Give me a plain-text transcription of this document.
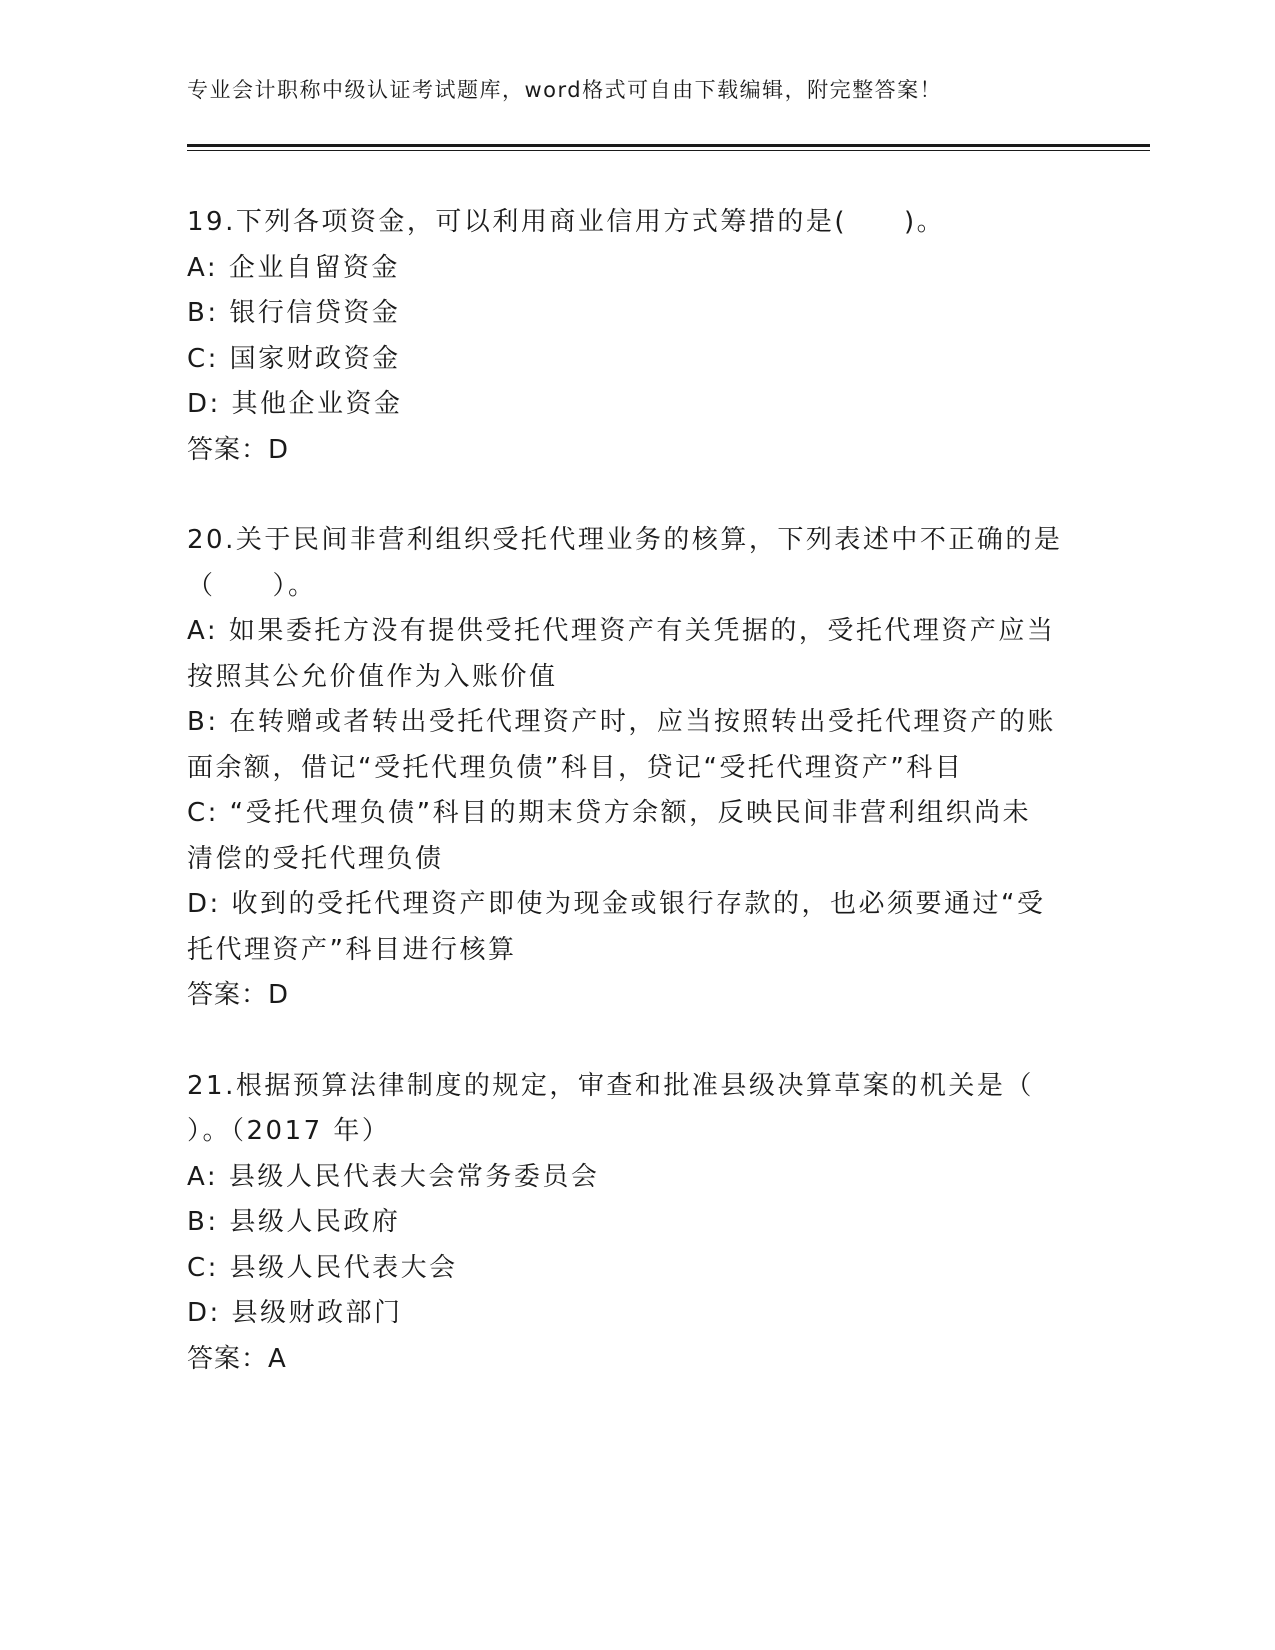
专业会计职称中级认证考试题库，word格式可自由下载编辑，附完整答案！
19.下列各项资金，可以利用商业信用方式筹措的是(　　)。
A: 企业自留资金
B: 银行信贷资金
C: 国家财政资金
D: 其他企业资金
答案：D
20.关于民间非营利组织受托代理业务的核算，下列表述中不正确的是
（　　）。
A: 如果委托方没有提供受托代理资产有关凭据的，受托代理资产应当
按照其公允价值作为入账价值
B: 在转赠或者转出受托代理资产时，应当按照转出受托代理资产的账
面余额，借记“受托代理负债”科目，贷记“受托代理资产”科目
C: “受托代理负债”科目的期末贷方余额，反映民间非营利组织尚未
清偿的受托代理负债
D: 收到的受托代理资产即使为现金或银行存款的，也必须要通过“受
托代理资产”科目进行核算
答案：D
21.根据预算法律制度的规定，审查和批准县级决算草案的机关是（
）。（2017 年）
A: 县级人民代表大会常务委员会
B: 县级人民政府
C: 县级人民代表大会
D: 县级财政部门
答案：A
